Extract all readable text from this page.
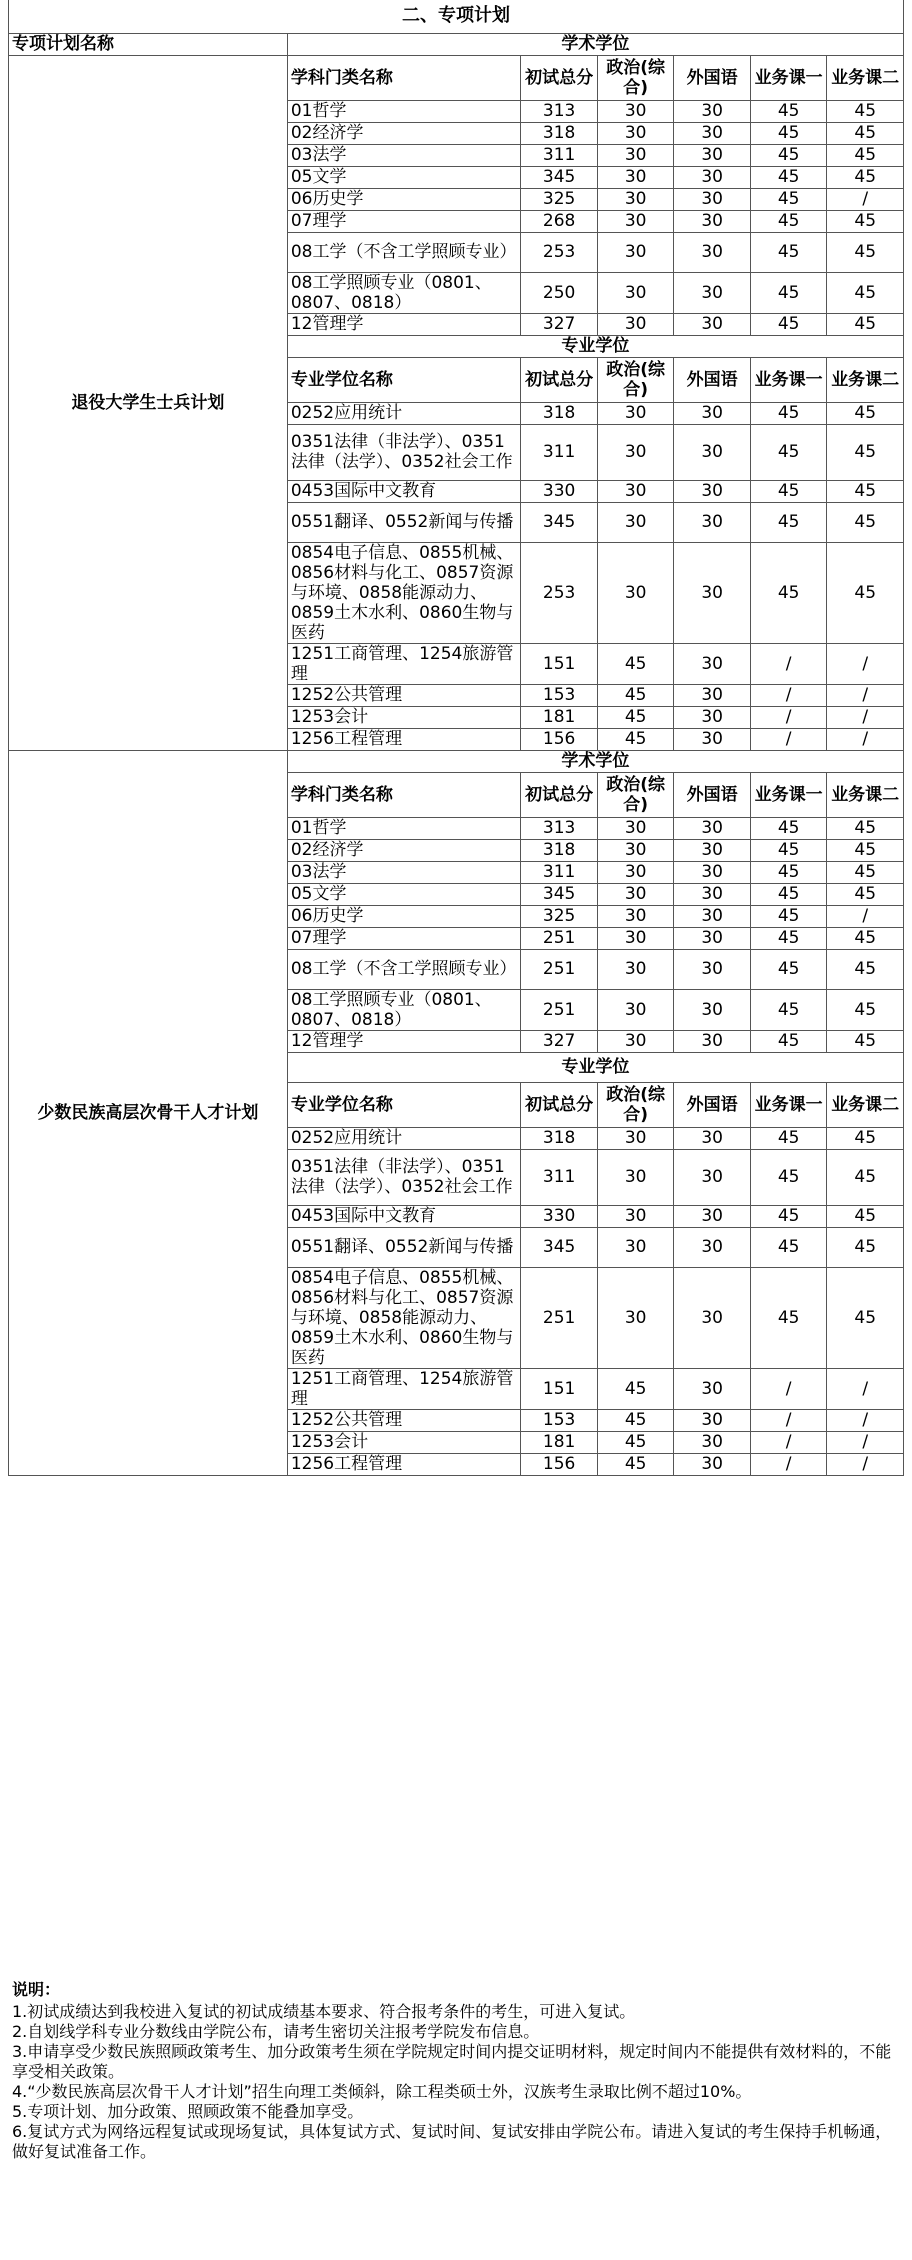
二、专项计划						
专项计划名称	学术学位					
退役大学生士兵计划	学科门类名称	初试总分	政治(综合)	外国语	业务课一	业务课二
	01哲学	313	30	30	45	45
	02经济学	318	30	30	45	45
	03法学	311	30	30	45	45
	05文学	345	30	30	45	45
	06历史学	325	30	30	45	/
	07理学	268	30	30	45	45
	08工学（不含工学照顾专业）	253	30	30	45	45
	08工学照顾专业（0801、0807、0818）	250	30	30	45	45
	12管理学	327	30	30	45	45
	专业学位					
	专业学位名称	初试总分	政治(综合)	外国语	业务课一	业务课二
	0252应用统计	318	30	30	45	45
	0351法律（非法学）、0351法律（法学）、0352社会工作	311	30	30	45	45
	0453国际中文教育	330	30	30	45	45
	0551翻译、0552新闻与传播	345	30	30	45	45
	0854电子信息、0855机械、0856材料与化工、0857资源与环境、0858能源动力、0859土木水利、0860生物与医药	253	30	30	45	45
	1251工商管理、1254旅游管理	151	45	30	/	/
	1252公共管理	153	45	30	/	/
	1253会计	181	45	30	/	/
	1256工程管理	156	45	30	/	/
少数民族高层次骨干人才计划	学术学位					
	学科门类名称	初试总分	政治(综合)	外国语	业务课一	业务课二
	01哲学	313	30	30	45	45
	02经济学	318	30	30	45	45
	03法学	311	30	30	45	45
	05文学	345	30	30	45	45
	06历史学	325	30	30	45	/
	07理学	251	30	30	45	45
	08工学（不含工学照顾专业）	251	30	30	45	45
	08工学照顾专业（0801、0807、0818）	251	30	30	45	45
	12管理学	327	30	30	45	45
	专业学位					
	专业学位名称	初试总分	政治(综合)	外国语	业务课一	业务课二
	0252应用统计	318	30	30	45	45
	0351法律（非法学）、0351法律（法学）、0352社会工作	311	30	30	45	45
	0453国际中文教育	330	30	30	45	45
	0551翻译、0552新闻与传播	345	30	30	45	45
	0854电子信息、0855机械、0856材料与化工、0857资源与环境、0858能源动力、0859土木水利、0860生物与医药	251	30	30	45	45
	1251工商管理、1254旅游管理	151	45	30	/	/
	1252公共管理	153	45	30	/	/
	1253会计	181	45	30	/	/
	1256工程管理	156	45	30	/	/
说明：
1.初试成绩达到我校进入复试的初试成绩基本要求、符合报考条件的考生，可进入复试。
2.自划线学科专业分数线由学院公布，请考生密切关注报考学院发布信息。
3.申请享受少数民族照顾政策考生、加分政策考生须在学院规定时间内提交证明材料，规定时间内不能提供有效材料的，不能享受相关政策。
4.“少数民族高层次骨干人才计划”招生向理工类倾斜，除工程类硕士外，汉族考生录取比例不超过10%。
5.专项计划、加分政策、照顾政策不能叠加享受。
6.复试方式为网络远程复试或现场复试，具体复试方式、复试时间、复试安排由学院公布。请进入复试的考生保持手机畅通，做好复试准备工作。
